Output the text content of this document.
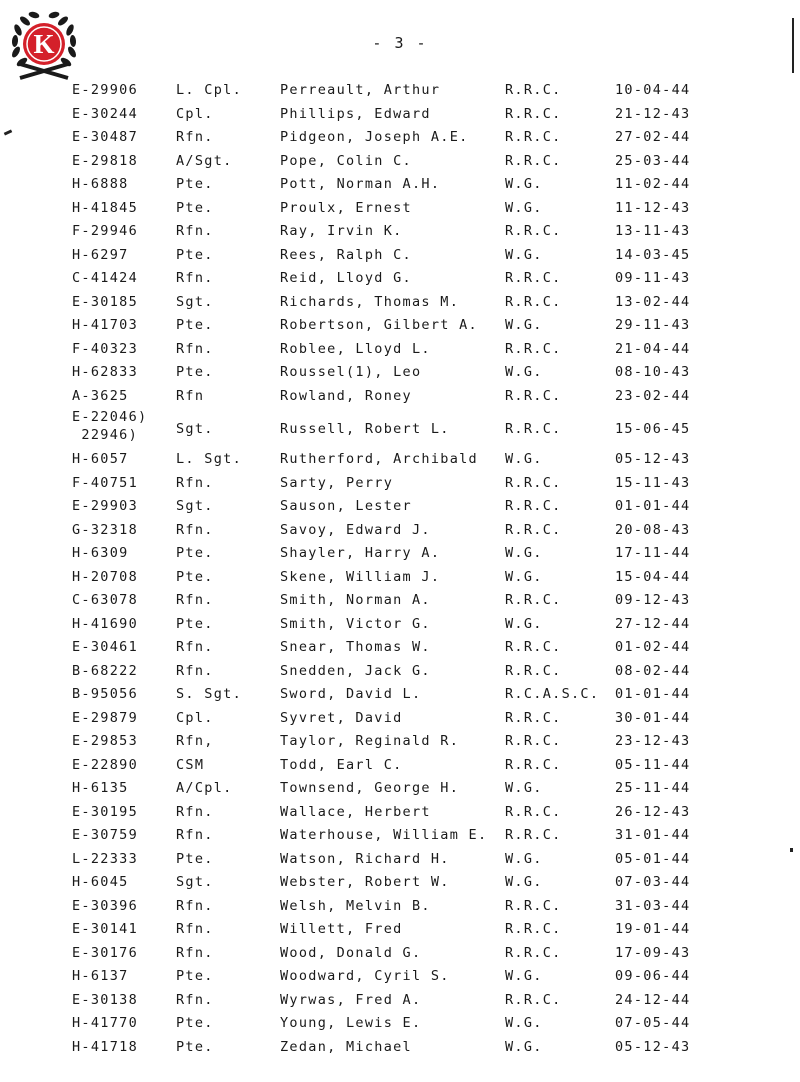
K	- 3 -
E-29906	L. Cpl.	Perreault, Arthur	R.R.C.	10-04-44
E-30244	Cpl.	Phillips, Edward	R.R.C.	21-12-43
E-30487	Rfn.	Pidgeon, Joseph A.E.	R.R.C.	27-02-44
E-29818	A/Sgt.	Pope, Colin C.	R.R.C.	25-03-44
H-6888	Pte.	Pott, Norman A.H.	W.G.	11-02-44
H-41845	Pte.	Proulx, Ernest	W.G.	11-12-43
F-29946	Rfn.	Ray, Irvin K.	R.R.C.	13-11-43
H-6297	Pte.	Rees, Ralph C.	W.G.	14-03-45
C-41424	Rfn.	Reid, Lloyd G.	R.R.C.	09-11-43
E-30185	Sgt.	Richards, Thomas M.	R.R.C.	13-02-44
H-41703	Pte.	Robertson, Gilbert A. W.G.	29-11-43
F-40323	Rfn.	Roblee, Lloyd L.	R.R.C.	21-04-44
H-62833	Pte.	Roussel(1), Leo	W.G.	08-10-43
A-3625	Rfn	Rowland, Roney	R.R.C.	23-02-44
E-22046)
22946)	Sgt.	Russell, Robert L.	R.R.C.	15-06-45
H-6057	L. Sgt.	Rutherford, Archibald W.G.	05-12-43
F-40751	Rfn.	Sarty, Perry	R.R.C.	15-11-43
E-29903	Sgt.	Sauson, Lester	R.R.C.	01-01-44
G-32318	Rfn.	Savoy, Edward J.	R.R.C.	20-08-43
H-6309	Pte.	Shayler, Harry A.	W.G.	17-11-44
H-20708	Pte.	Skene, William J.	W.G.	15-04-44
C-63078	Rfn.	Smith, Norman A.	R.R.C.	09-12-43
H-41690	Pte.	Smith, Victor G.	W.G.	27-12-44
E-30461	Rfn.	Snear, Thomas W.	R.R.C.	01-02-44
B-68222	Rfn.	Snedden, Jack G.	R.R.C.	08-02-44
B-95056	S. Sgt.	Sword, David L.	R.C.A.S.C. 01-01-44
E-29879	Cpl.	Syvret, David	R.R.C.	30-01-44
E-29853	Rfn,	Taylor, Reginald R.	R.R.C.	23-12-43
E-22890	CSM	Todd, Earl C.	R.R.C.	05-11-44
H-6135	A/Cpl.	Townsend, George H.	W.G.	25-11-44
E-30195	Rfn.	Wallace, Herbert	R.R.C.	26-12-43
E-30759	Rfn.	Waterhouse, William E. R.R.C.	31-01-44
L-22333	Pte.	Watson, Richard H.	W.G.	05-01-44
H-6045	Sgt.	Webster, Robert W.	W.G.	07-03-44
E-30396	Rfn.	Welsh, Melvin B.	R.R.C.	31-03-44
E-30141	Rfn.	Willett, Fred	R.R.C.	19-01-44
E-30176	Rfn.	Wood, Donald G.	R.R.C.	17-09-43
H-6137	Pte.	Woodward, Cyril S.	W.G.	09-06-44
E-30138	Rfn.	Wyrwas, Fred A.	R.R.C.	24-12-44
H-41770	Pte.	Young, Lewis E.	W.G.	07-05-44
H-41718	Pte.	Zedan, Michael	W.G.	05-12-43
